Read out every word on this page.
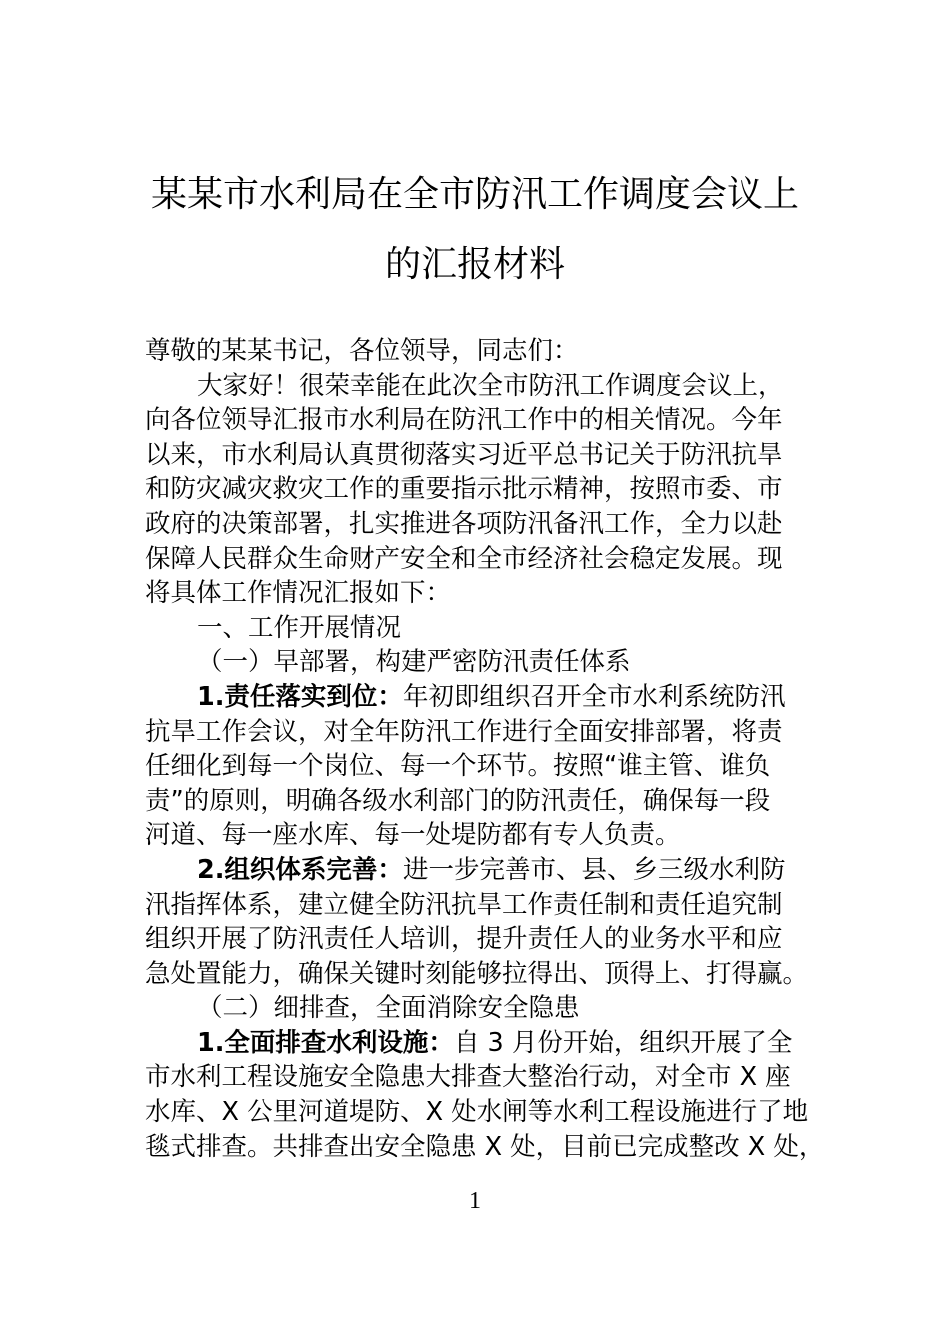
某某市水利局在全市防汛工作调度会议上
的汇报材料
尊敬的某某书记，各位领导，同志们：
大家好！很荣幸能在此次全市防汛工作调度会议上，
向各位领导汇报市水利局在防汛工作中的相关情况。今年
以来，市水利局认真贯彻落实习近平总书记关于防汛抗旱
和防灾减灾救灾工作的重要指示批示精神，按照市委、市
政府的决策部署，扎实推进各项防汛备汛工作，全力以赴
保障人民群众生命财产安全和全市经济社会稳定发展。现
将具体工作情况汇报如下：
一、工作开展情况
（一）早部署，构建严密防汛责任体系
1.责任落实到位：年初即组织召开全市水利系统防汛
抗旱工作会议，对全年防汛工作进行全面安排部署，将责
任细化到每一个岗位、每一个环节。按照“谁主管、谁负
责”的原则，明确各级水利部门的防汛责任，确保每一段
河道、每一座水库、每一处堤防都有专人负责。
2.组织体系完善：进一步完善市、县、乡三级水利防
汛指挥体系，建立健全防汛抗旱工作责任制和责任追究制
组织开展了防汛责任人培训，提升责任人的业务水平和应
急处置能力，确保关键时刻能够拉得出、顶得上、打得赢。
（二）细排查，全面消除安全隐患
1.全面排查水利设施：自 3 月份开始，组织开展了全
市水利工程设施安全隐患大排查大整治行动，对全市 X 座
水库、X 公里河道堤防、X 处水闸等水利工程设施进行了地
毯式排查。共排查出安全隐患 X 处，目前已完成整改 X 处，
1
